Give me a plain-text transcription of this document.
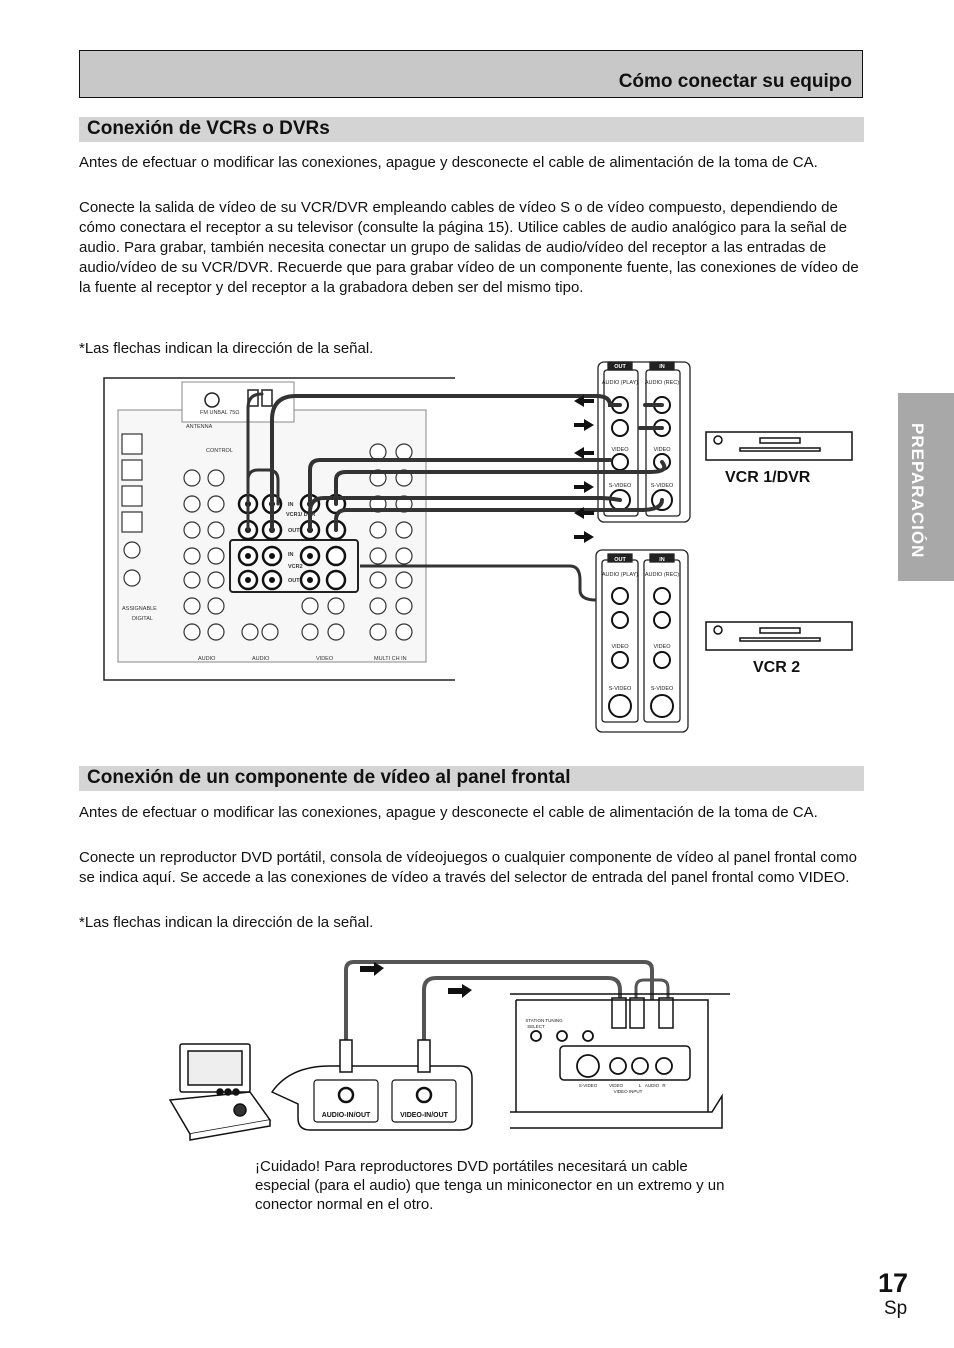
Cómo conectar su equipo
Conexión de VCRs o DVRs

Antes de efectuar o modificar las conexiones, apague y desconecte el cable de alimentación de la toma de CA.

Conecte la salida de vídeo de su VCR/DVR empleando cables de vídeo S o de vídeo compuesto, dependiendo de cómo conectara el receptor a su televisor (consulte la página 15). Utilice cables de audio analógico para la señal de audio. Para grabar, también necesita conectar un grupo de salidas de audio/vídeo del receptor a las entradas de audio/vídeo de su VCR/DVR. Recuerde que para grabar vídeo de un componente fuente, las conexiones de vídeo de la fuente al receptor y del receptor a la grabadora deben ser del mismo tipo.

*Las flechas indican la dirección de la señal.

PREPARACIÓN
ANTENNA
FM UNBAL 75Ω
CONTROL
ASSIGNABLE
DIGITAL
AUDIO	AUDIO	VIDEO	MULTI CH IN
VCR1/ DVR
VCR2
IN
OUT
IN
OUT
OUT	IN
AUDIO (PLAY) AUDIO (REC)
VIDEO	VIDEO
S-VIDEO	S-VIDEO
OUT	IN
AUDIO (PLAY) AUDIO (REC)
VIDEO	VIDEO
S-VIDEO	S-VIDEO
VCR 1/DVR
VCR 2
Conexión de un componente de vídeo al panel frontal

Antes de efectuar o modificar las conexiones, apague y desconecte el cable de alimentación de la toma de CA.

Conecte un reproductor DVD portátil, consola de vídeojuegos o cualquier componente de vídeo al panel frontal como se indica aquí. Se accede a las conexiones de vídeo a través del selector de entrada del panel frontal como VIDEO.

*Las flechas indican la dirección de la señal.

AUDIO-IN/OUT	VIDEO-IN/OUT
STATION TUNING
SELECT
S-VIDEO	VIDEO	L AUDIO R
VIDEO INPUT

¡Cuidado! Para reproductores DVD portátiles necesitará un cable especial (para el audio) que tenga un miniconector en un extremo y un conector normal en el otro.

17
Sp
